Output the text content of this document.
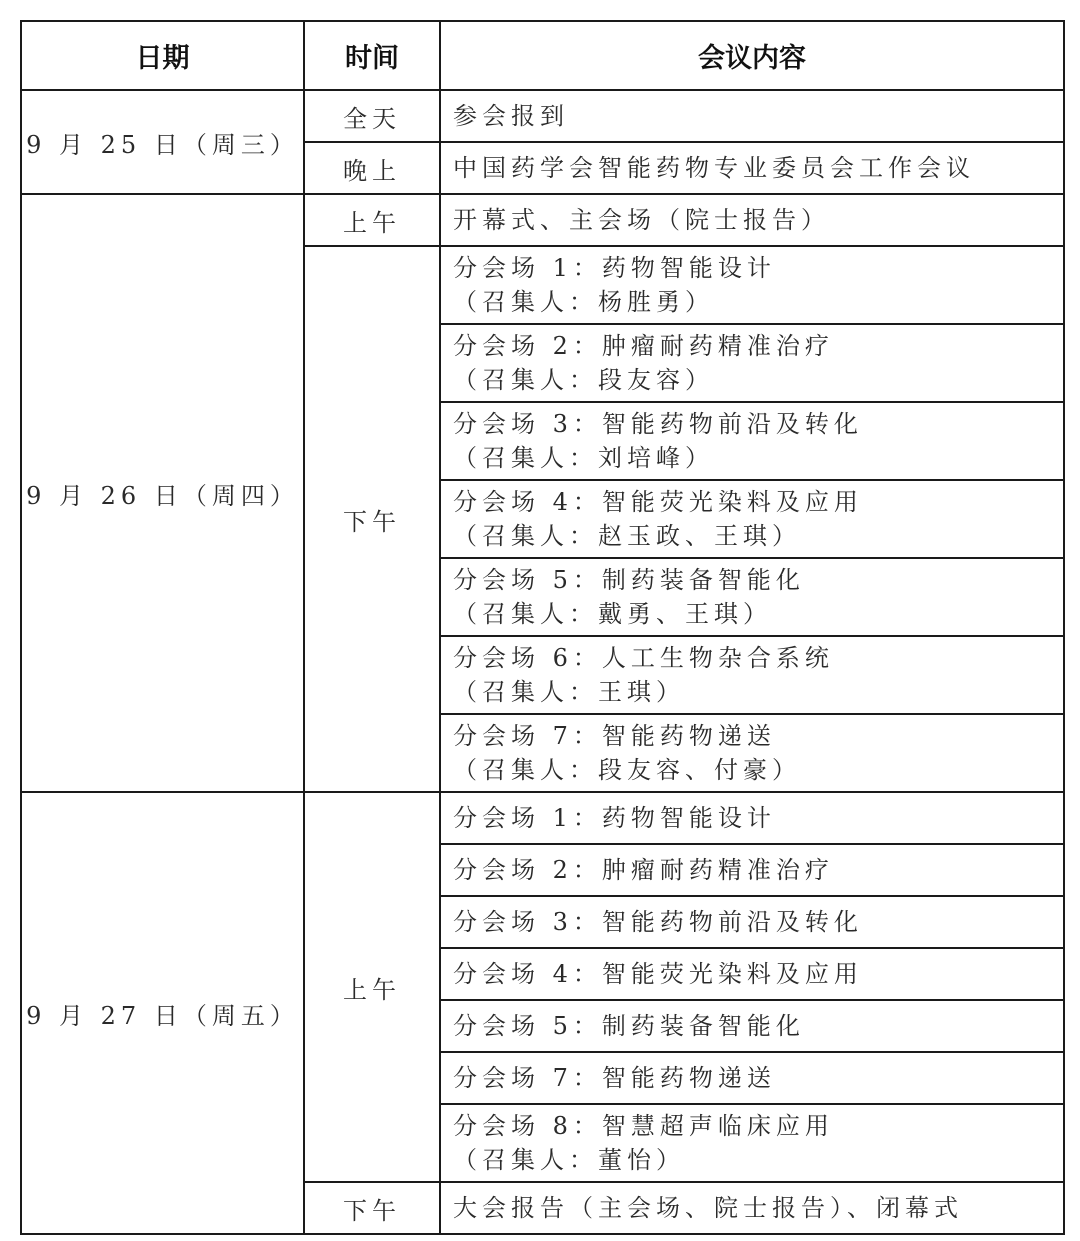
日期	时间	会议内容
9 月 25 日（周三）	全天	参会报到

	晚上	中国药学会智能药物专业委员会工作会议

9 月 26 日（周四）	上午	开幕式、主会场（院士报告）

	下午	分会场 1：药物智能设计
（召集人：杨胜勇）

		分会场 2：肿瘤耐药精准治疗
（召集人：段友容）

		分会场 3：智能药物前沿及转化
（召集人：刘培峰）

		分会场 4：智能荧光染料及应用
（召集人：赵玉政、王琪）

		分会场 5：制药装备智能化
（召集人：戴勇、王琪）

		分会场 6：人工生物杂合系统
（召集人：王琪）

		分会场 7：智能药物递送
（召集人：段友容、付豪）

9 月 27 日（周五）	上午	分会场 1：药物智能设计

		分会场 2：肿瘤耐药精准治疗

		分会场 3：智能药物前沿及转化

		分会场 4：智能荧光染料及应用

		分会场 5：制药装备智能化

		分会场 7：智能药物递送

		分会场 8：智慧超声临床应用
（召集人：董怡）

	下午	大会报告（主会场、院士报告）、闭幕式
